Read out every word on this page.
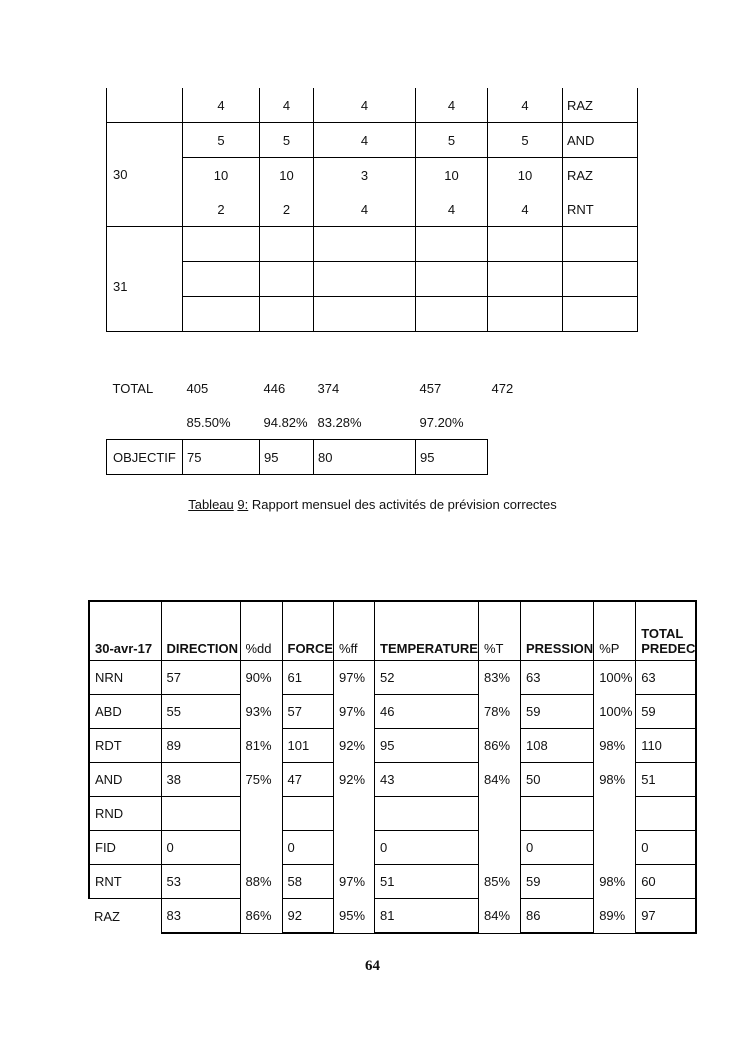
	4	4	4	4	4	RAZ
30	5	5	4	5	5	AND
	10	10	3	10	10	RAZ
	2	2	4	4	4	RNT
31						

TOTAL	405	446	374	457	472
	85.50%	94.82%	83.28%	97.20%	
OBJECTIF	75	95	80	95	
Tableau 9: Rapport mensuel des activités de prévision correctes
30-avr-17	DIRECTION	%dd	FORCE	%ff	TEMPERATURE	%T	PRESSION	%P	TOTAL
PREDEC
NRN	57	90%	61	97%	52	83%	63	100%	63
ABD	55	93%	57	97%	46	78%	59	100%	59
RDT	89	81%	101	92%	95	86%	108	98%	110
AND	38	75%	47	92%	43	84%	50	98%	51
RND									
FID	0		0		0		0		0
RNT	53	88%	58	97%	51	85%	59	98%	60
RAZ	83	86%	92	95%	81	84%	86	89%	97
64
